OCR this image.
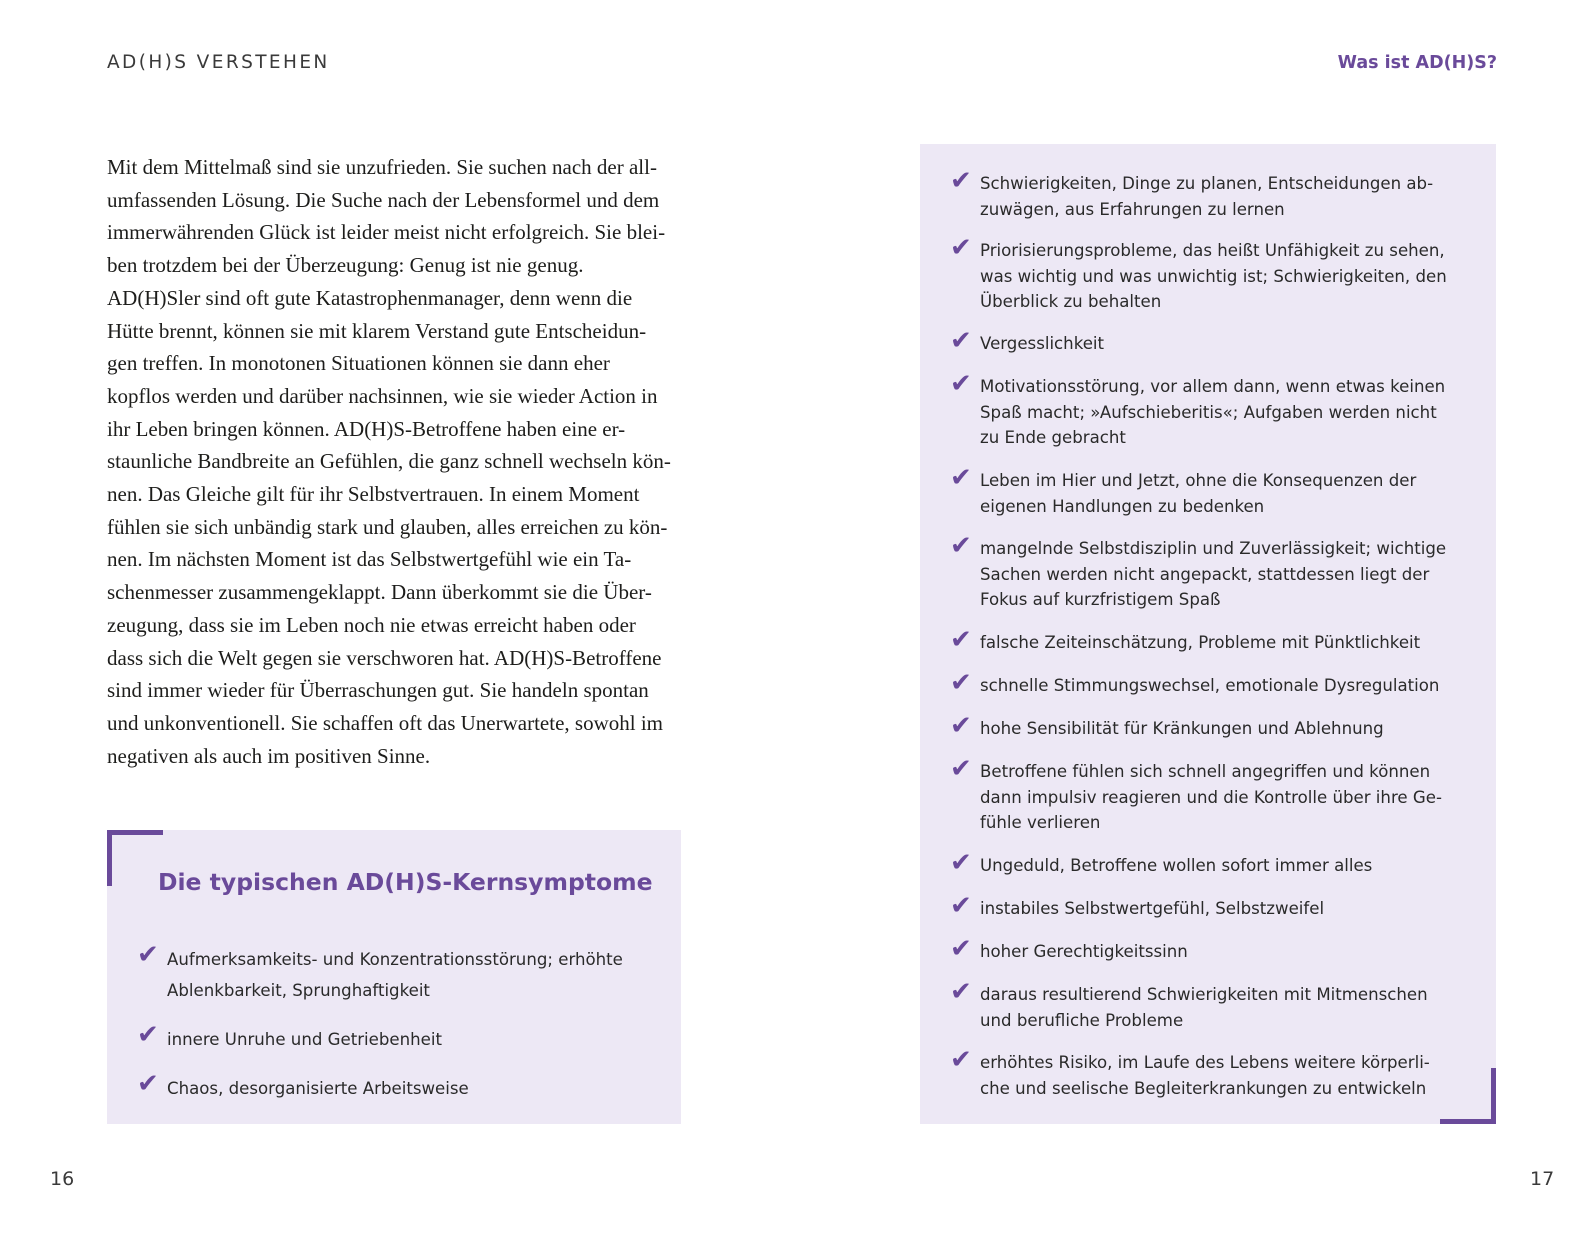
AD(H)S VERSTEHEN	Was ist AD(H)S?
Mit dem Mittelmaß sind sie unzufrieden. Sie suchen nach der all-
umfassenden Lösung. Die Suche nach der Lebensformel und dem
immerwährenden Glück ist leider meist nicht erfolgreich. Sie blei-
ben trotzdem bei der Überzeugung: Genug ist nie genug.
AD(H)Sler sind oft gute Katastrophenmanager, denn wenn die
Hütte brennt, können sie mit klarem Verstand gute Entscheidun-
gen treffen. In monotonen Situationen können sie dann eher
kopflos werden und darüber nachsinnen, wie sie wieder Action in
ihr Leben bringen können. AD(H)S-Betroffene haben eine er-
staunliche Bandbreite an Gefühlen, die ganz schnell wechseln kön-
nen. Das Gleiche gilt für ihr Selbstvertrauen. In einem Moment
fühlen sie sich unbändig stark und glauben, alles erreichen zu kön-
nen. Im nächsten Moment ist das Selbstwertgefühl wie ein Ta-
schenmesser zusammengeklappt. Dann überkommt sie die Über-
zeugung, dass sie im Leben noch nie etwas erreicht haben oder
dass sich die Welt gegen sie verschworen hat. AD(H)S-Betroffene
sind immer wieder für Überraschungen gut. Sie handeln spontan
und unkonventionell. Sie schaffen oft das Unerwartete, sowohl im
negativen als auch im positiven Sinne.
Die typischen AD(H)S-Kernsymptome
✔ Aufmerksamkeits- und Konzentrationsstörung; erhöhte
Ablenkbarkeit, Sprunghaftigkeit
✔ innere Unruhe und Getriebenheit
✔ Chaos, desorganisierte Arbeitsweise
✔ Schwierigkeiten, Dinge zu planen, Entscheidungen ab-
zuwägen, aus Erfahrungen zu lernen
✔ Priorisierungsprobleme, das heißt Unfähigkeit zu sehen,
was wichtig und was unwichtig ist; Schwierigkeiten, den
Überblick zu behalten
✔ Vergesslichkeit
✔ Motivationsstörung, vor allem dann, wenn etwas keinen
Spaß macht; »Aufschieberitis«; Aufgaben werden nicht
zu Ende gebracht
✔ Leben im Hier und Jetzt, ohne die Konsequenzen der
eigenen Handlungen zu bedenken
✔ mangelnde Selbstdisziplin und Zuverlässigkeit; wichtige
Sachen werden nicht angepackt, stattdessen liegt der
Fokus auf kurzfristigem Spaß
✔ falsche Zeiteinschätzung, Probleme mit Pünktlichkeit
✔ schnelle Stimmungswechsel, emotionale Dysregulation
✔ hohe Sensibilität für Kränkungen und Ablehnung
✔ Betroffene fühlen sich schnell angegriffen und können
dann impulsiv reagieren und die Kontrolle über ihre Ge-
fühle verlieren
✔ Ungeduld, Betroffene wollen sofort immer alles
✔ instabiles Selbstwertgefühl, Selbstzweifel
✔ hoher Gerechtigkeitssinn
✔ daraus resultierend Schwierigkeiten mit Mitmenschen
und berufliche Probleme
✔ erhöhtes Risiko, im Laufe des Lebens weitere körperli-
che und seelische Begleiterkrankungen zu entwickeln
16	17
